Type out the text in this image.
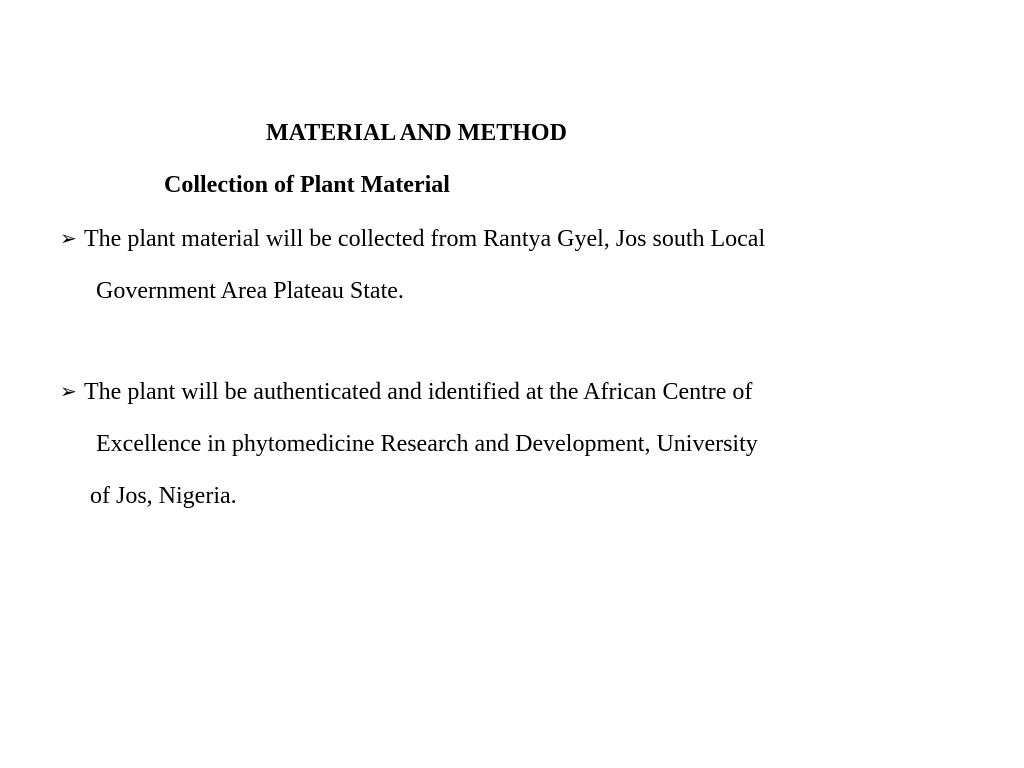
MATERIAL AND METHOD
Collection of Plant Material
➢ The plant material will be collected from Rantya Gyel, Jos south Local
Government Area Plateau State.
➢ The plant will be authenticated and identified at the African Centre of
Excellence in phytomedicine Research and Development, University
of Jos, Nigeria.
